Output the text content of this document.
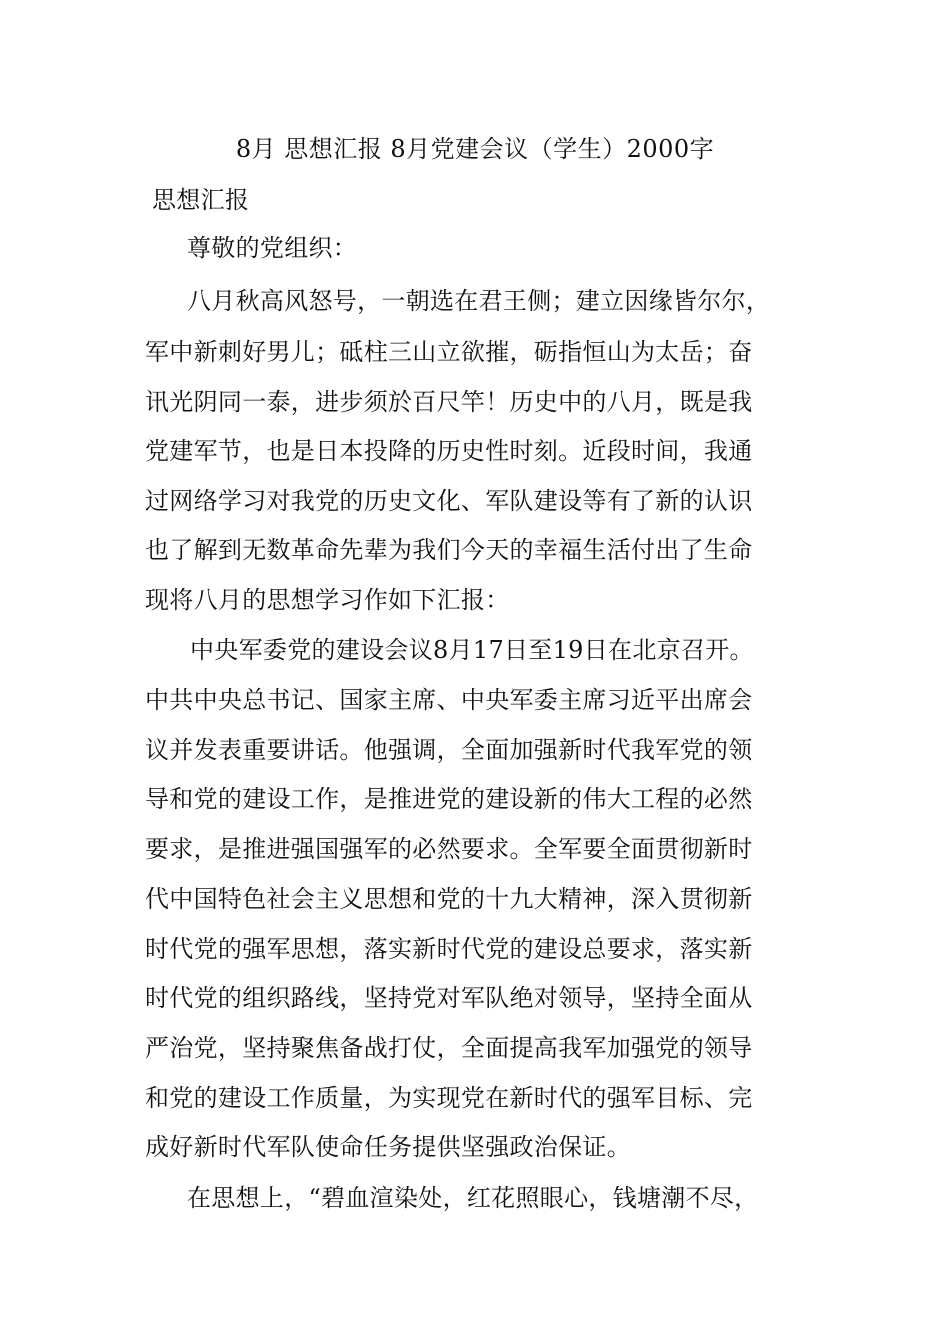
8月 思想汇报 8月党建会议（学生）2000字
思想汇报
尊敬的党组织：
八月秋高风怒号，一朝选在君王侧；建立因缘皆尔尔，
军中新刺好男儿；砥柱三山立欲摧，砺指恒山为太岳；奋
讯光阴同一泰，进步须於百尺竿！历史中的八月，既是我
党建军节，也是日本投降的历史性时刻。近段时间，我通
过网络学习对我党的历史文化、军队建设等有了新的认识
也了解到无数革命先辈为我们今天的幸福生活付出了生命
现将八月的思想学习作如下汇报：
中央军委党的建设会议8月17日至19日在北京召开。
中共中央总书记、国家主席、中央军委主席习近平出席会
议并发表重要讲话。他强调，全面加强新时代我军党的领
导和党的建设工作，是推进党的建设新的伟大工程的必然
要求，是推进强国强军的必然要求。全军要全面贯彻新时
代中国特色社会主义思想和党的十九大精神，深入贯彻新
时代党的强军思想，落实新时代党的建设总要求，落实新
时代党的组织路线，坚持党对军队绝对领导，坚持全面从
严治党，坚持聚焦备战打仗，全面提高我军加强党的领导
和党的建设工作质量，为实现党在新时代的强军目标、完
成好新时代军队使命任务提供坚强政治保证。
在思想上，“碧血渲染处，红花照眼心，钱塘潮不尽，
